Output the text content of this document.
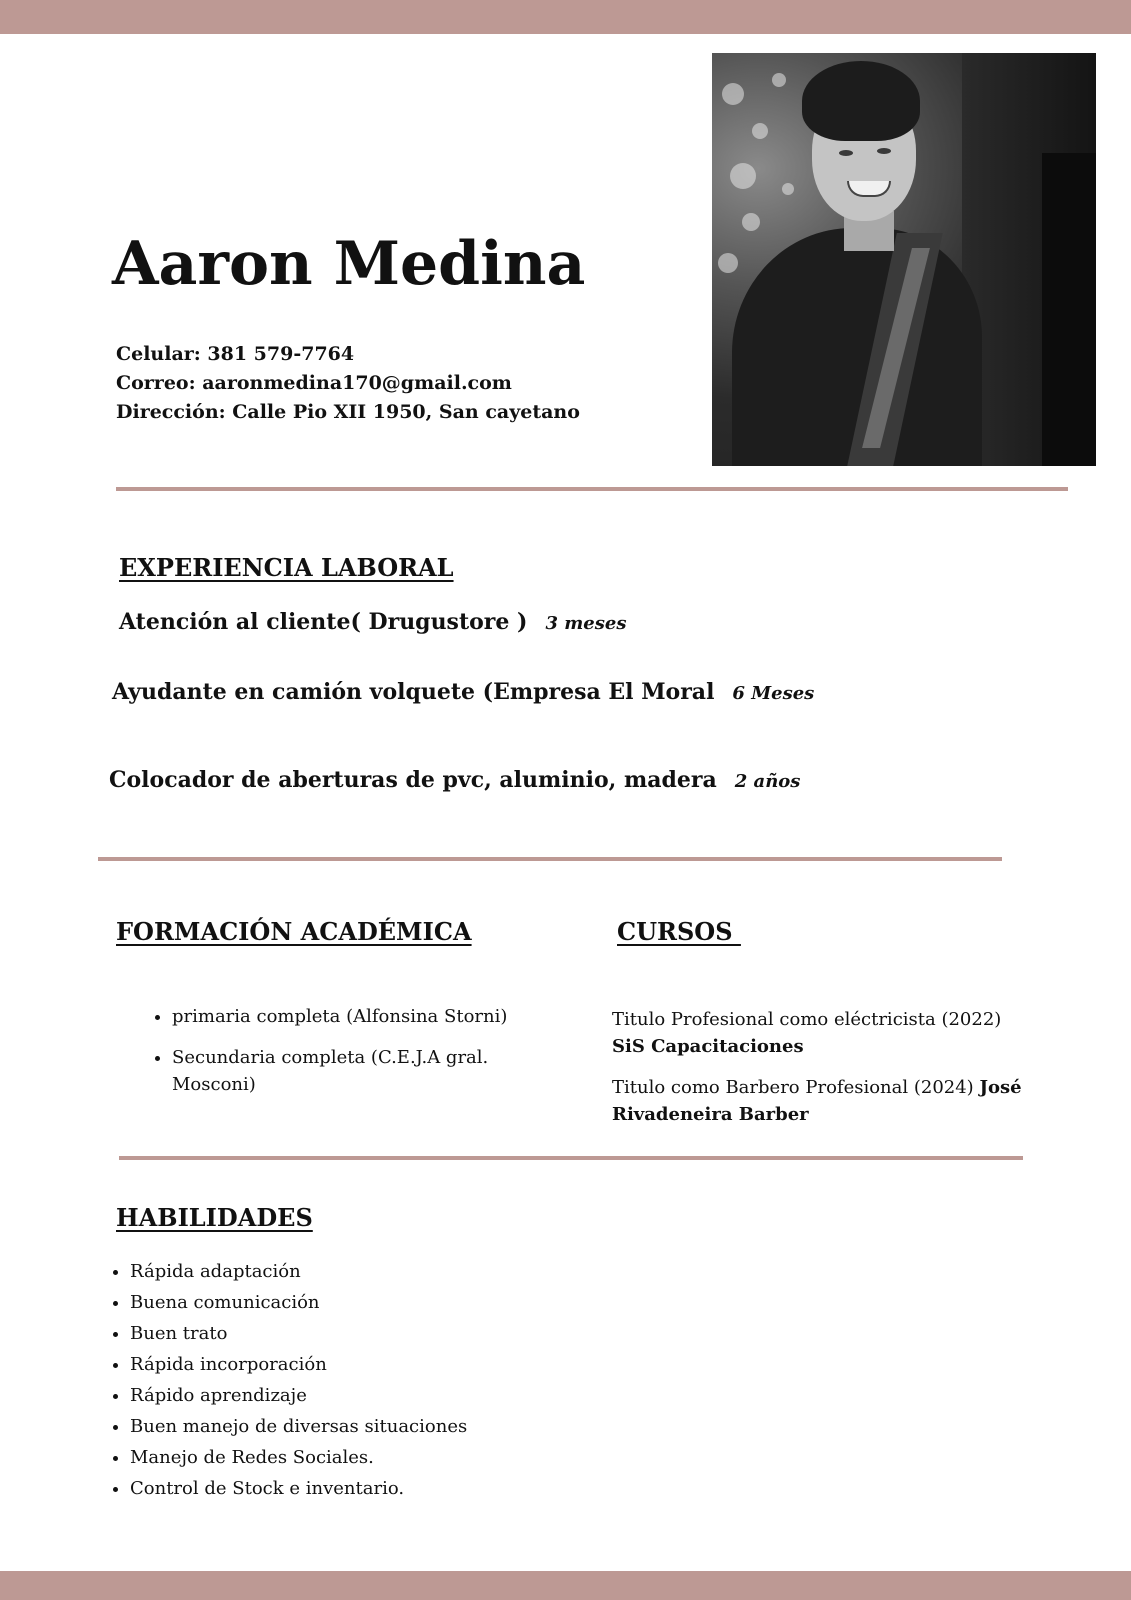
Aaron Medina
Celular: 381 579-7764
Correo: aaronmedina170@gmail.com
Dirección: Calle Pio XII 1950, San cayetano
EXPERIENCIA LABORAL
Atención al cliente( Drugustore ) 3 meses
Ayudante en camión volquete (Empresa El Moral 6 Meses
Colocador de aberturas de pvc, aluminio, madera 2 años
FORMACIÓN ACADÉMICA	CURSOS
• primaria completa (Alfonsina Storni)
• Secundaria completa (C.E.J.A gral. Mosconi)
Titulo Profesional como eléctricista (2022) SiS Capacitaciones
Titulo como Barbero Profesional (2024) José Rivadeneira Barber
HABILIDADES
• Rápida adaptación
• Buena comunicación
• Buen trato
• Rápida incorporación
• Rápido aprendizaje
• Buen manejo de diversas situaciones
• Manejo de Redes Sociales.
• Control de Stock e inventario.
